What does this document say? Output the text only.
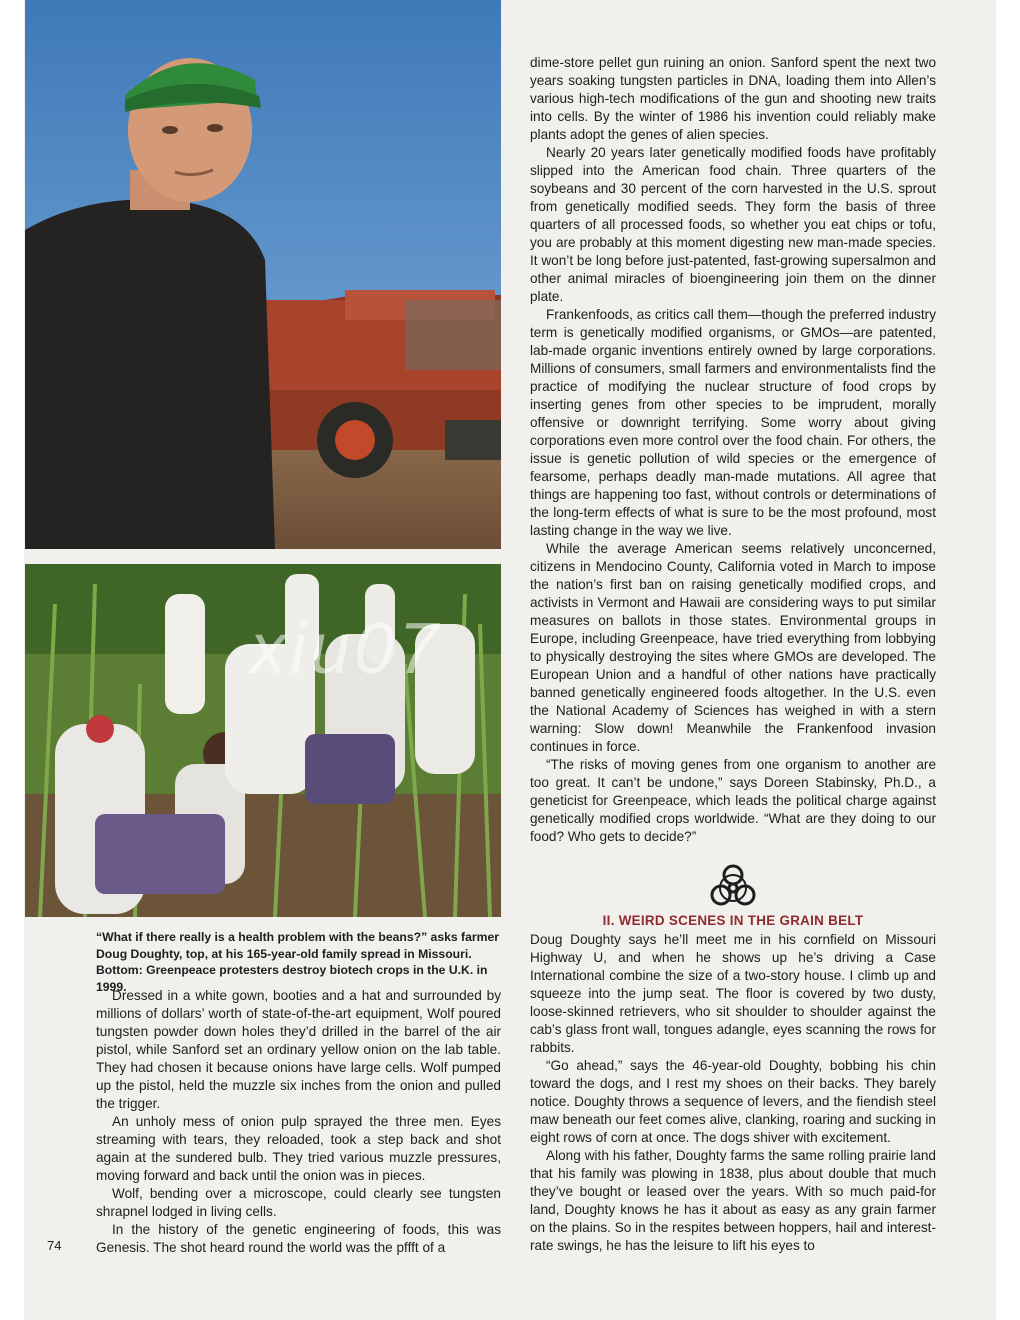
xiu07
“What if there really is a health problem with the beans?” asks farmer Doug Doughty, top, at his 165-year-old family spread in Missouri. Bottom: Greenpeace protesters destroy biotech crops in the U.K. in 1999.

Dressed in a white gown, booties and a hat and surrounded by millions of dollars’ worth of state-of-the-art equipment, Wolf poured tungsten powder down holes they’d drilled in the barrel of the air pistol, while Sanford set an ordinary yellow onion on the lab table. They had chosen it because onions have large cells. Wolf pumped up the pistol, held the muzzle six inches from the onion and pulled the trigger.

An unholy mess of onion pulp sprayed the three men. Eyes streaming with tears, they reloaded, took a step back and shot again at the sundered bulb. They tried various muzzle pressures, moving forward and back until the onion was in pieces.

Wolf, bending over a microscope, could clearly see tungsten shrapnel lodged in living cells.

In the history of the genetic engineering of foods, this was Genesis. The shot heard round the world was the pffft of a

74

dime-store pellet gun ruining an onion. Sanford spent the next two years soaking tungsten particles in DNA, loading them into Allen’s various high-tech modifications of the gun and shooting new traits into cells. By the winter of 1986 his invention could reliably make plants adopt the genes of alien species.

Nearly 20 years later genetically modified foods have profitably slipped into the American food chain. Three quarters of the soybeans and 30 percent of the corn harvested in the U.S. sprout from genetically modified seeds. They form the basis of three quarters of all processed foods, so whether you eat chips or tofu, you are probably at this moment digesting new man-made species. It won’t be long before just-patented, fast-growing supersalmon and other animal miracles of bioengineering join them on the dinner plate.

Frankenfoods, as critics call them—though the preferred industry term is genetically modified organisms, or GMOs—are patented, lab-made organic inventions entirely owned by large corporations. Millions of consumers, small farmers and environmentalists find the practice of modifying the nuclear structure of food crops by inserting genes from other species to be imprudent, morally offensive or downright terrifying. Some worry about giving corporations even more control over the food chain. For others, the issue is genetic pollution of wild species or the emergence of fearsome, perhaps deadly man-made mutations. All agree that things are happening too fast, without controls or determinations of the long-term effects of what is sure to be the most profound, most lasting change in the way we live.

While the average American seems relatively unconcerned, citizens in Mendocino County, California voted in March to impose the nation’s first ban on raising genetically modified crops, and activists in Vermont and Hawaii are considering ways to put similar measures on ballots in those states. Environmental groups in Europe, including Greenpeace, have tried everything from lobbying to physically destroying the sites where GMOs are developed. The European Union and a handful of other nations have practically banned genetically engineered foods altogether. In the U.S. even the National Academy of Sciences has weighed in with a stern warning: Slow down! Meanwhile the Frankenfood invasion continues in force.

“The risks of moving genes from one organism to another are too great. It can’t be undone,” says Doreen Stabinsky, Ph.D., a geneticist for Greenpeace, which leads the political charge against genetically modified crops worldwide. “What are they doing to our food? Who gets to decide?”

II. WEIRD SCENES IN THE GRAIN BELT

Doug Doughty says he’ll meet me in his cornfield on Missouri Highway U, and when he shows up he’s driving a Case International combine the size of a two-story house. I climb up and squeeze into the jump seat. The floor is covered by two dusty, loose-skinned retrievers, who sit shoulder to shoulder against the cab’s glass front wall, tongues adangle, eyes scanning the rows for rabbits.

“Go ahead,” says the 46-year-old Doughty, bobbing his chin toward the dogs, and I rest my shoes on their backs. They barely notice. Doughty throws a sequence of levers, and the fiendish steel maw beneath our feet comes alive, clanking, roaring and sucking in eight rows of corn at once. The dogs shiver with excitement.

Along with his father, Doughty farms the same rolling prairie land that his family was plowing in 1838, plus about double that much they’ve bought or leased over the years. With so much paid-for land, Doughty knows he has it about as easy as any grain farmer on the plains. So in the respites between hoppers, hail and interest-rate swings, he has the leisure to lift his eyes to
